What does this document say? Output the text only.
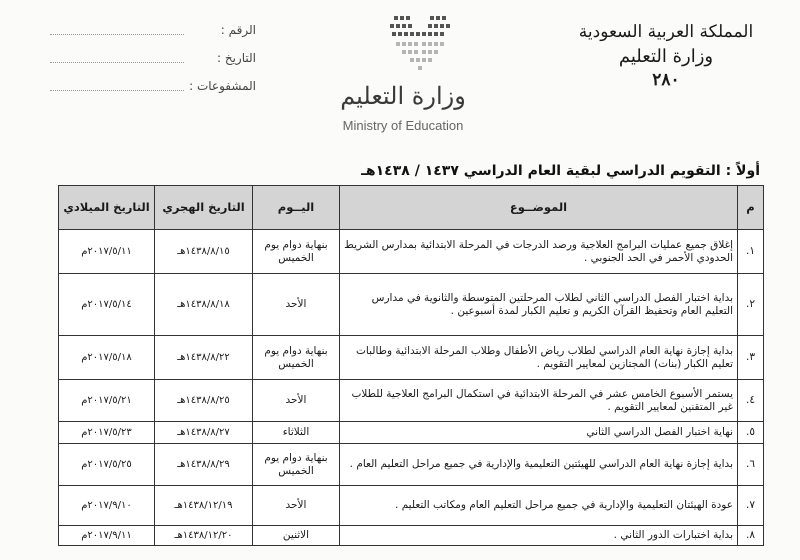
المملكة العربية السعودية
وزارة التعليم
٢٨٠
وزارة التعليم
Ministry of Education
الرقم :
التاريخ :
المشفوعات :
أولاً : التقويم الدراسي لبقية العام الدراسي ١٤٣٧ / ١٤٣٨هـ
م	الموضــوع	اليــوم	التاريخ الهجري	التاريخ الميلادي
١.	إغلاق جميع عمليات البرامج العلاجية ورصد الدرجات في المرحلة الابتدائية بمدارس الشريط الحدودي الأحمر في الحد الجنوبي .	بنهاية دوام يوم الخميس	١٤٣٨/٨/١٥هـ	٢٠١٧/٥/١١م
٢.	بداية اختبار الفصل الدراسي الثاني لطلاب المرحلتين المتوسطة والثانوية في مدارس التعليم العام وتحفيظ القرآن الكريم و تعليم الكبار لمدة أسبوعين .	الأحد	١٤٣٨/٨/١٨هـ	٢٠١٧/٥/١٤م
٣.	بداية إجازة نهاية العام الدراسي لطلاب رياض الأطفال وطلاب المرحلة الابتدائية وطالبات تعليم الكبار (بنات) المجتازين لمعايير التقويم .	بنهاية دوام يوم الخميس	١٤٣٨/٨/٢٢هـ	٢٠١٧/٥/١٨م
٤.	يستمر الأسبوع الخامس عشر في المرحلة الابتدائية في استكمال البرامج العلاجية للطلاب غير المتقنين لمعايير التقويم .	الأحد	١٤٣٨/٨/٢٥هـ	٢٠١٧/٥/٢١م
٥.	نهاية اختبار الفصل الدراسي الثاني	الثلاثاء	١٤٣٨/٨/٢٧هـ	٢٠١٧/٥/٢٣م
٦.	بداية إجازة نهاية العام الدراسي للهيئتين التعليمية والإدارية في جميع مراحل التعليم العام .	بنهاية دوام يوم الخميس	١٤٣٨/٨/٢٩هـ	٢٠١٧/٥/٢٥م
٧.	عودة الهيئتان التعليمية والإدارية في جميع مراحل التعليم العام ومكاتب التعليم .	الأحد	١٤٣٨/١٢/١٩هـ	٢٠١٧/٩/١٠م
٨.	بداية اختبارات الدور الثاني .	الاثنين	١٤٣٨/١٢/٢٠هـ	٢٠١٧/٩/١١م
